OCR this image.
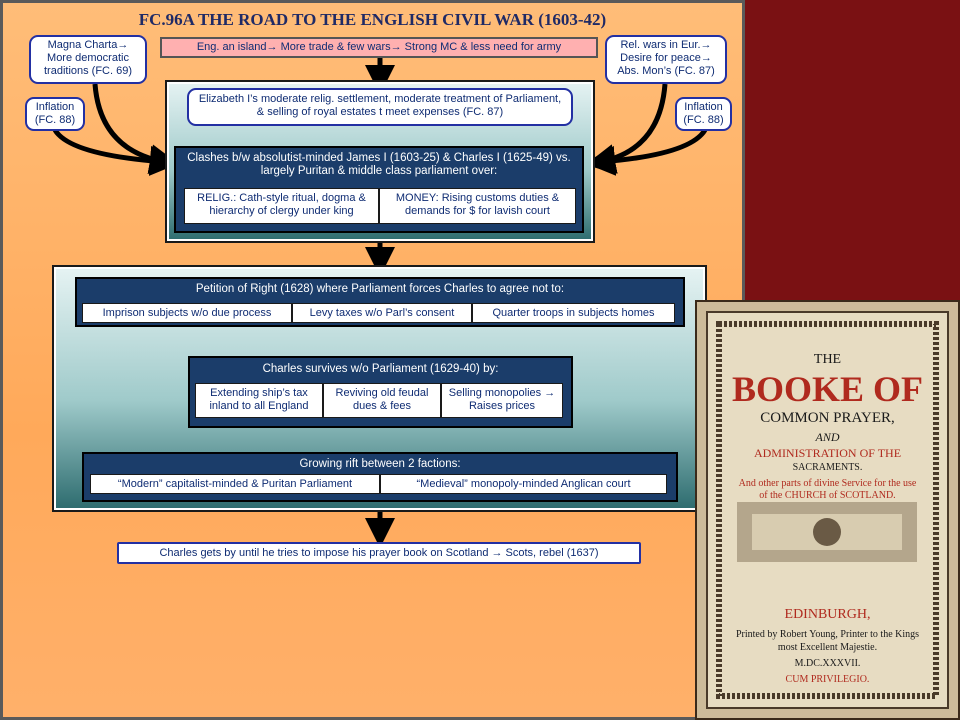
FC.96A THE ROAD TO THE ENGLISH CIVIL WAR (1603-42)
Magna Charta→ More democratic traditions (FC. 69)
Inflation (FC. 88)
Rel. wars in Eur.→ Desire for peace→ Abs. Mon’s (FC. 87)
Inflation (FC. 88)
Eng. an island→ More trade & few wars→ Strong MC & less need for army
Elizabeth I’s moderate relig. settlement, moderate treatment of Parliament, & selling of royal estates t meet expenses (FC. 87)
Clashes b/w absolutist-minded James I (1603-25) & Charles I (1625-49) vs. largely Puritan & middle class parliament over:
RELIG.: Cath-style ritual, dogma & hierarchy of clergy under king
MONEY: Rising customs duties & demands for $ for lavish court
Petition of Right (1628) where Parliament forces Charles to agree not to:
Imprison subjects w/o due process	Levy taxes w/o Parl’s consent	Quarter troops in subjects homes
Charles survives w/o Parliament (1629-40) by:
Extending ship’s tax inland to all England
Reviving old feudal dues & fees
Selling monopolies → Raises prices
Growing rift between 2 factions:
“Modern” capitalist-minded & Puritan Parliament	“Medieval” monopoly-minded Anglican court
Charles gets by until he tries to impose his prayer book on Scotland → Scots, rebel (1637)
THE
BOOKE OF
COMMON PRAYER,
AND
ADMINISTRATION OF THE
SACRAMENTS.
And other parts of divine Service for the use of the CHURCH of SCOTLAND.
EDINBURGH,
Printed by Robert Young, Printer to the Kings most Excellent Majestie.
M.DC.XXXVII.
CUM PRIVILEGIO.
